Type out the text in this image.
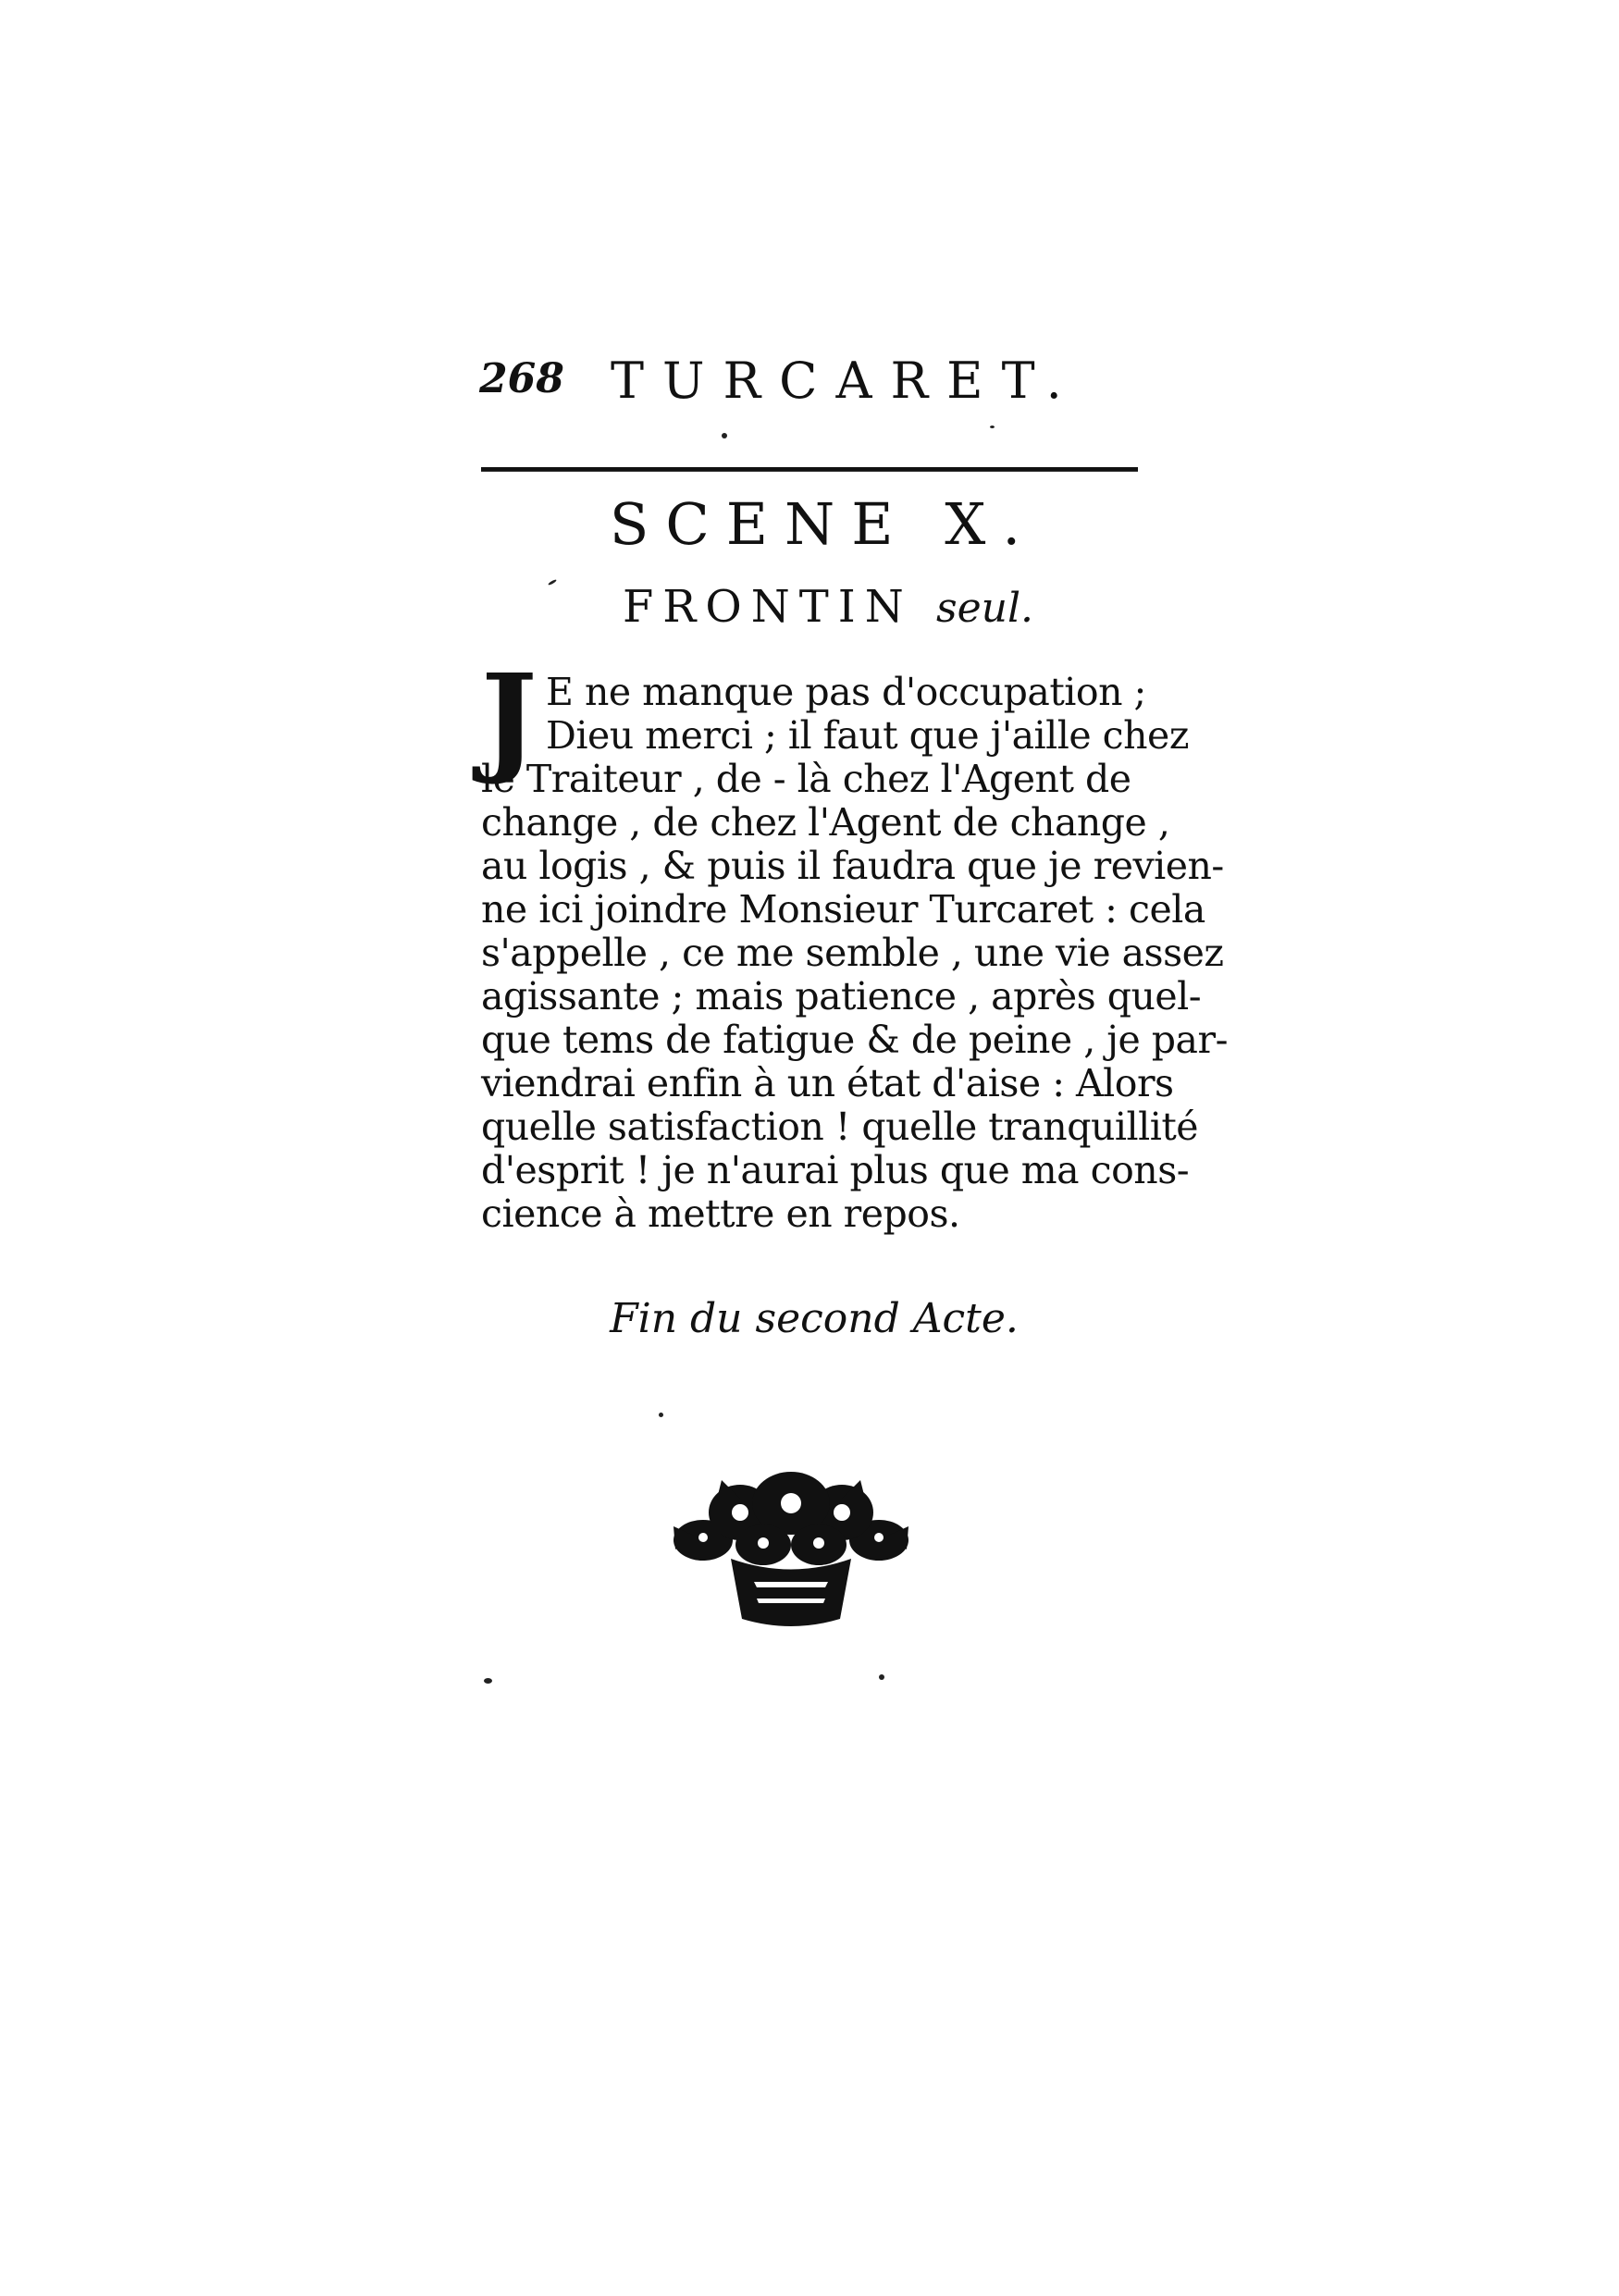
268 TURCARET.
SCENE X.
FRONTIN seul.
J E ne manque pas d'occupation ;
Dieu merci ; il faut que j'aille chez
le Traiteur , de - là chez l'Agent de
change , de chez l'Agent de change ,
au logis , & puis il faudra que je revien-
ne ici joindre Monsieur Turcaret : cela
s'appelle , ce me semble , une vie assez
agissante ; mais patience , après quel-
que tems de fatigue & de peine , je par-
viendrai enfin à un état d'aise : Alors
quelle satisfaction ! quelle tranquillité
d'esprit ! je n'aurai plus que ma cons-
cience à mettre en repos.
Fin du second Acte.
